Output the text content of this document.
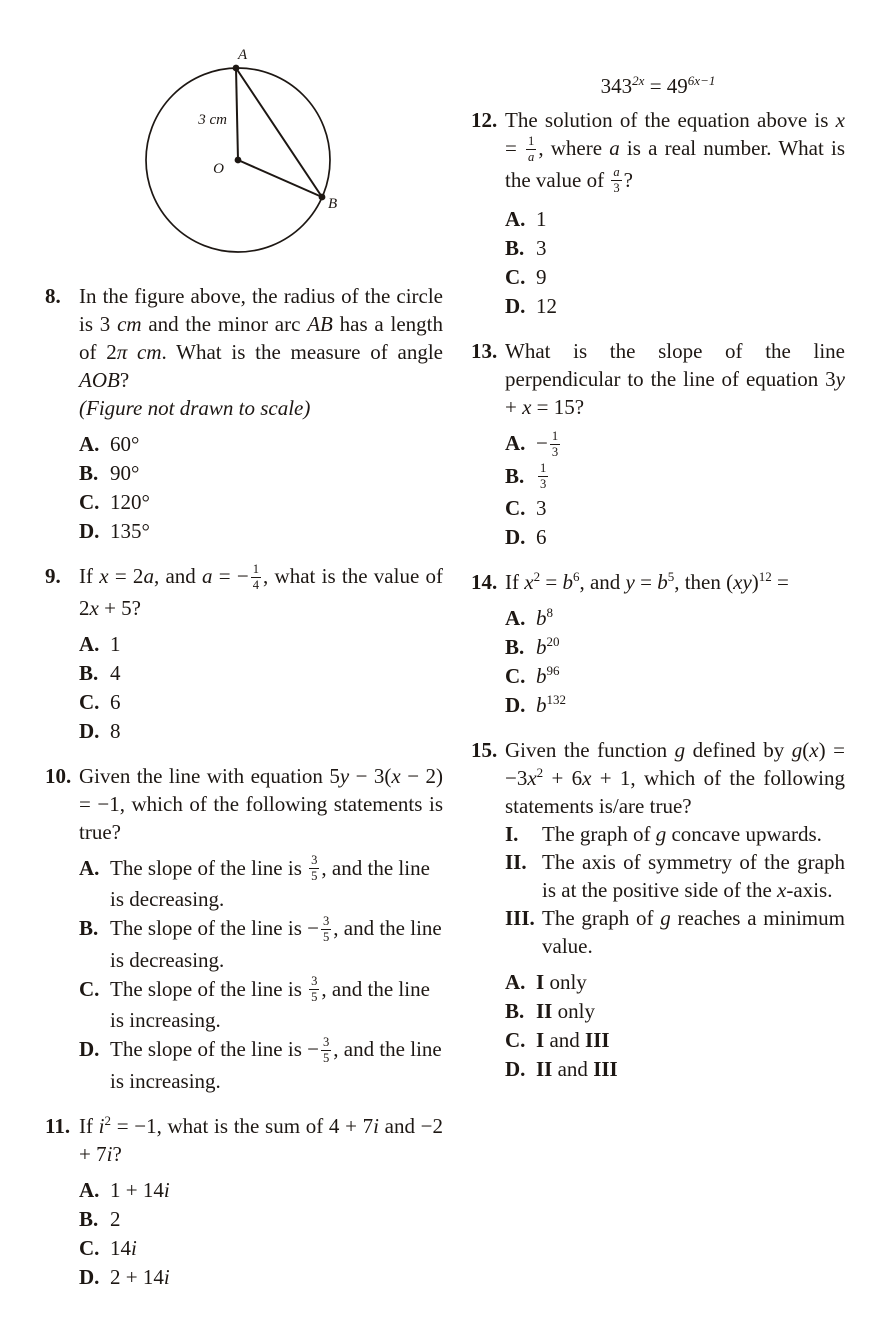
A
3 cm
O
B
8. In the figure above, the radius of the circle is 3 cm and the minor arc AB has a length of 2π cm. What is the measure of angle AOB?
(Figure not drawn to scale)
A. 60°
B. 90°
C. 120°
D. 135°
9. If x = 2a, and a = − $\frac{1}{4}$ , what is the value of 2x + 5?
A. 1
B. 4
C. 6
D. 8
10. Given the line with equation 5y − 3(x − 2) = −1, which of the following statements is true?
A. The slope of the line is $\frac{3}{5}$ , and the line is decreasing.
B. The slope of the line is − $\frac{3}{5}$ , and the line is decreasing.
C. The slope of the line is $\frac{3}{5}$ , and the line is increasing.
D. The slope of the line is − $\frac{3}{5}$ , and the line is increasing.
11. If $i^2 = -1$, what is the sum of 4 + 7i and −2 + 7i?
A. 1 + 14i
B. 2
C. 14i
D. 2 + 14i
$343^{2x} = 49^{6x-1}$
12. The solution of the equation above is $x = \frac{1}{a}$ , where a is a real number. What is the value of $\frac{a}{3}$ ?
A. 1
B. 3
C. 9
D. 12
13. What is the slope of the line perpendicular to the line of equation 3y + x = 15?
A. − $\frac{1}{3}$
B.	$\frac{1}{3}$
C. 3
D. 6
14. If $x^2 = b^6$, and $y = b^5$, then (xy)$^{12}$ =
A. $b^8$
B. $b^{20}$
C. $b^{96}$
D. $b^{132}$
15. Given the function g defined by $g(x) = -3x^2 + 6x + 1$, which of the following statements is/are true?
I.	The graph of g concave upwards.
II. The axis of symmetry of the graph is at the positive side of the x-axis.
III. The graph of g reaches a minimum value.
A. I only
B. II only
C. I and III
D. II and III
